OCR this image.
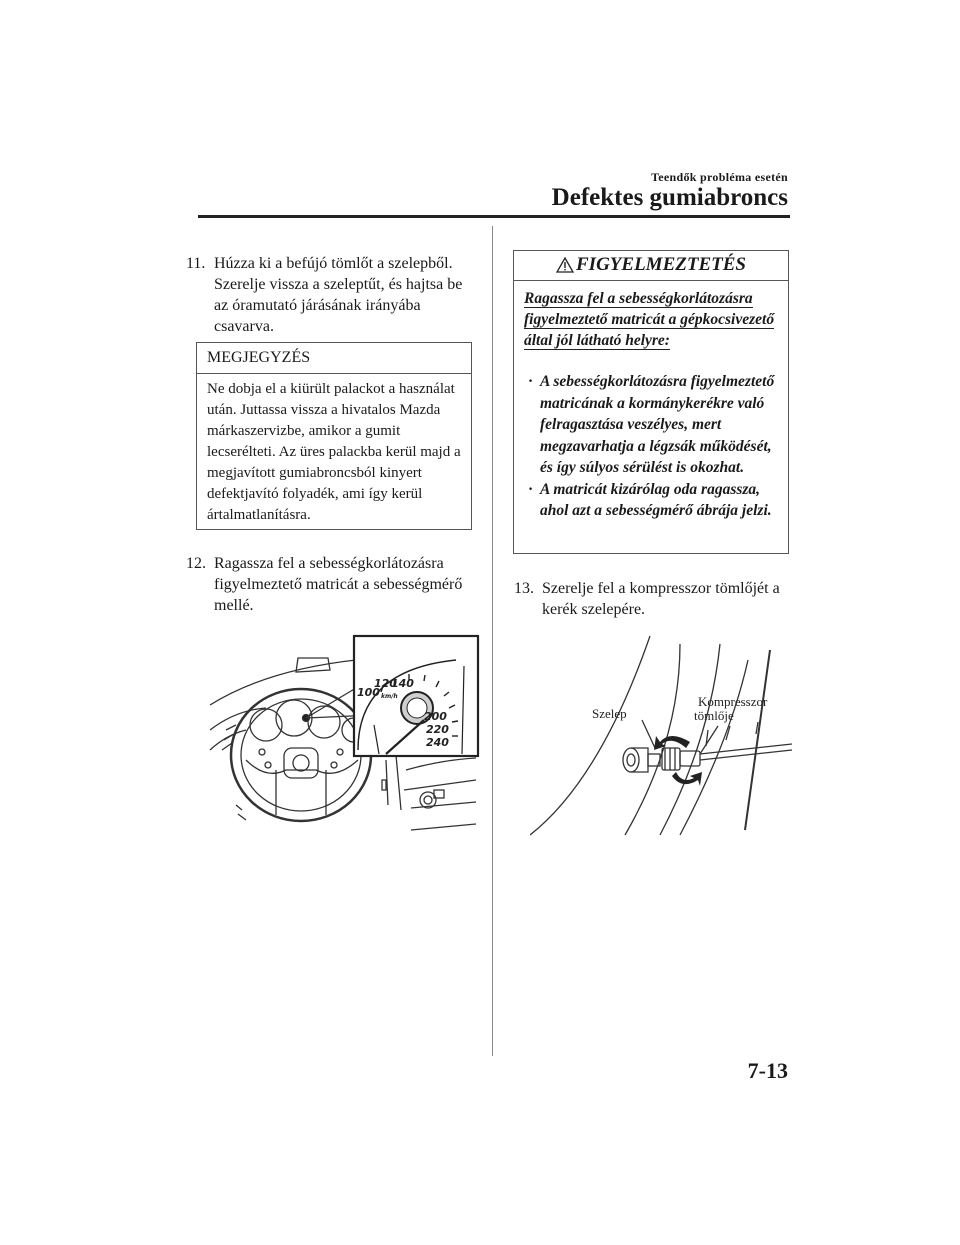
Teendők probléma esetén
Defektes gumiabroncs
11. Húzza ki a befújó tömlőt a szelepből. Szerelje vissza a szeleptűt, és hajtsa be az óramutató járásának irányába csavarva.
MEGJEGYZÉS
Ne dobja el a kiürült palackot a használat után. Juttassa vissza a hivatalos Mazda márkaszervizbe, amikor a gumit lecserélteti. Az üres palackba kerül majd a megjavított gumiabroncsból kinyert defektjavító folyadék, ami így kerül ártalmatlanításra.
12. Ragassza fel a sebességkorlátozásra figyelmeztető matricát a sebességmérő mellé.
100
120
140
200
220
240
km/h
FIGYELMEZTETÉS
Ragassza fel a sebességkorlátozásra figyelmeztető matricát a gépkocsivezető által jól látható helyre:
· A sebességkorlátozásra figyelmeztető matricának a kormánykerékre való felragasztása veszélyes, mert megzavarhatja a légzsák működését, és így súlyos sérülést is okozhat.
· A matricát kizárólag oda ragassza, ahol azt a sebességmérő ábrája jelzi.
13. Szerelje fel a kompresszor tömlőjét a kerék szelepére.
Szelep
Kompresszor
tömlője
7-13
